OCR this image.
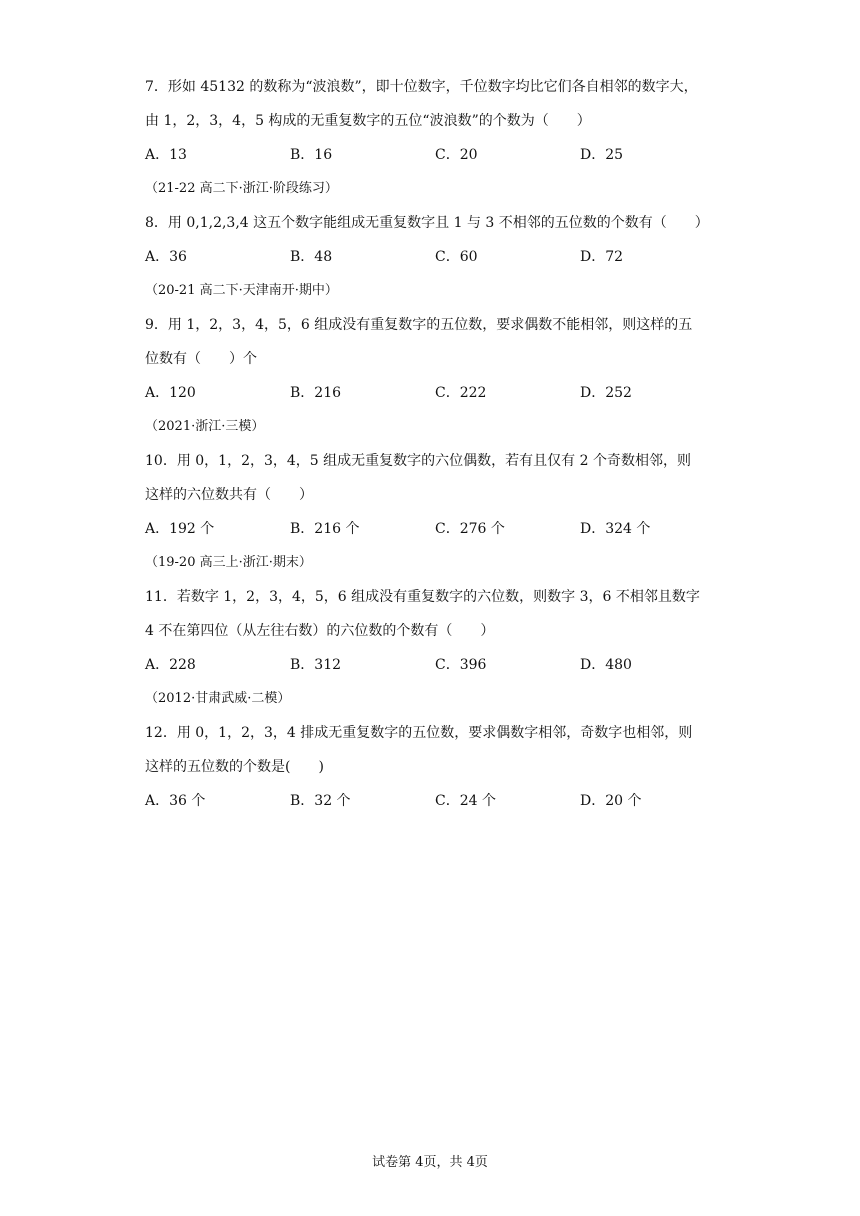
7．形如 45132 的数称为“波浪数”，即十位数字，千位数字均比它们各自相邻的数字大，
由 1，2，3，4，5 构成的无重复数字的五位“波浪数”的个数为（　　）
A．13	B．16	C．20	D．25
（21-22 高二下·浙江·阶段练习）
8．用 0,1,2,3,4 这五个数字能组成无重复数字且 1 与 3 不相邻的五位数的个数有（　　）
A．36	B．48	C．60	D．72
（20-21 高二下·天津南开·期中）
9．用 1，2，3，4，5，6 组成没有重复数字的五位数，要求偶数不能相邻，则这样的五
位数有（　　）个
A．120	B．216	C．222	D．252
（2021·浙江·三模）
10．用 0，1，2，3，4，5 组成无重复数字的六位偶数，若有且仅有 2 个奇数相邻，则
这样的六位数共有（　　）
A．192 个	B．216 个	C．276 个	D．324 个
（19-20 高三上·浙江·期末）
11．若数字 1，2，3，4，5，6 组成没有重复数字的六位数，则数字 3，6 不相邻且数字
4 不在第四位（从左往右数）的六位数的个数有（　　）
A．228	B．312	C．396	D．480
（2012·甘肃武威·二模）
12．用 0，1，2，3，4 排成无重复数字的五位数，要求偶数字相邻，奇数字也相邻，则
这样的五位数的个数是(　　)
A．36 个	B．32 个	C．24 个	D．20 个
试卷第 4页，共 4页
